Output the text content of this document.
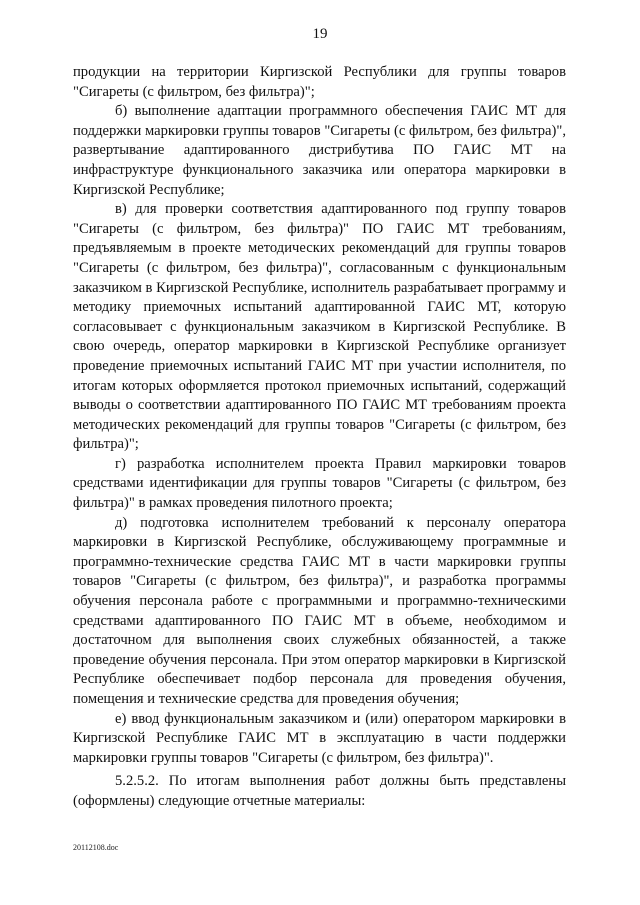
19

продукции на территории Киргизской Республики для группы товаров "Сигареты (с фильтром, без фильтра)";

б) выполнение адаптации программного обеспечения ГАИС МТ для поддержки маркировки группы товаров "Сигареты (с фильтром, без фильтра)", развертывание адаптированного дистрибутива ПО ГАИС МТ на инфраструктуре функционального заказчика или оператора маркировки в Киргизской Республике;

в) для проверки соответствия адаптированного под группу товаров "Сигареты (с фильтром, без фильтра)" ПО ГАИС МТ требованиям, предъявляемым в проекте методических рекомендаций для группы товаров "Сигареты (с фильтром, без фильтра)", согласованным с функциональным заказчиком в Киргизской Республике, исполнитель разрабатывает программу и методику приемочных испытаний адаптированной ГАИС МТ, которую согласовывает с функциональным заказчиком в Киргизской Республике. В свою очередь, оператор маркировки в Киргизской Республике организует проведение приемочных испытаний ГАИС МТ при участии исполнителя, по итогам которых оформляется протокол приемочных испытаний, содержащий выводы о соответствии адаптированного ПО ГАИС МТ требованиям проекта методических рекомендаций для группы товаров "Сигареты (с фильтром, без фильтра)";

г) разработка исполнителем проекта Правил маркировки товаров средствами идентификации для группы товаров "Сигареты (с фильтром, без фильтра)" в рамках проведения пилотного проекта;

д) подготовка исполнителем требований к персоналу оператора маркировки в Киргизской Республике, обслуживающему программные и программно-технические средства ГАИС МТ в части маркировки группы товаров "Сигареты (с фильтром, без фильтра)", и разработка программы обучения персонала работе с программными и программно-техническими средствами адаптированного ПО ГАИС МТ в объеме, необходимом и достаточном для выполнения своих служебных обязанностей, а также проведение обучения персонала. При этом оператор маркировки в Киргизской Республике обеспечивает подбор персонала для проведения обучения, помещения и технические средства для проведения обучения;

е) ввод функциональным заказчиком и (или) оператором маркировки в Киргизской Республике ГАИС МТ в эксплуатацию в части поддержки маркировки группы товаров "Сигареты (с фильтром, без фильтра)".

5.2.5.2. По итогам выполнения работ должны быть представлены (оформлены) следующие отчетные материалы:

20112108.doc
